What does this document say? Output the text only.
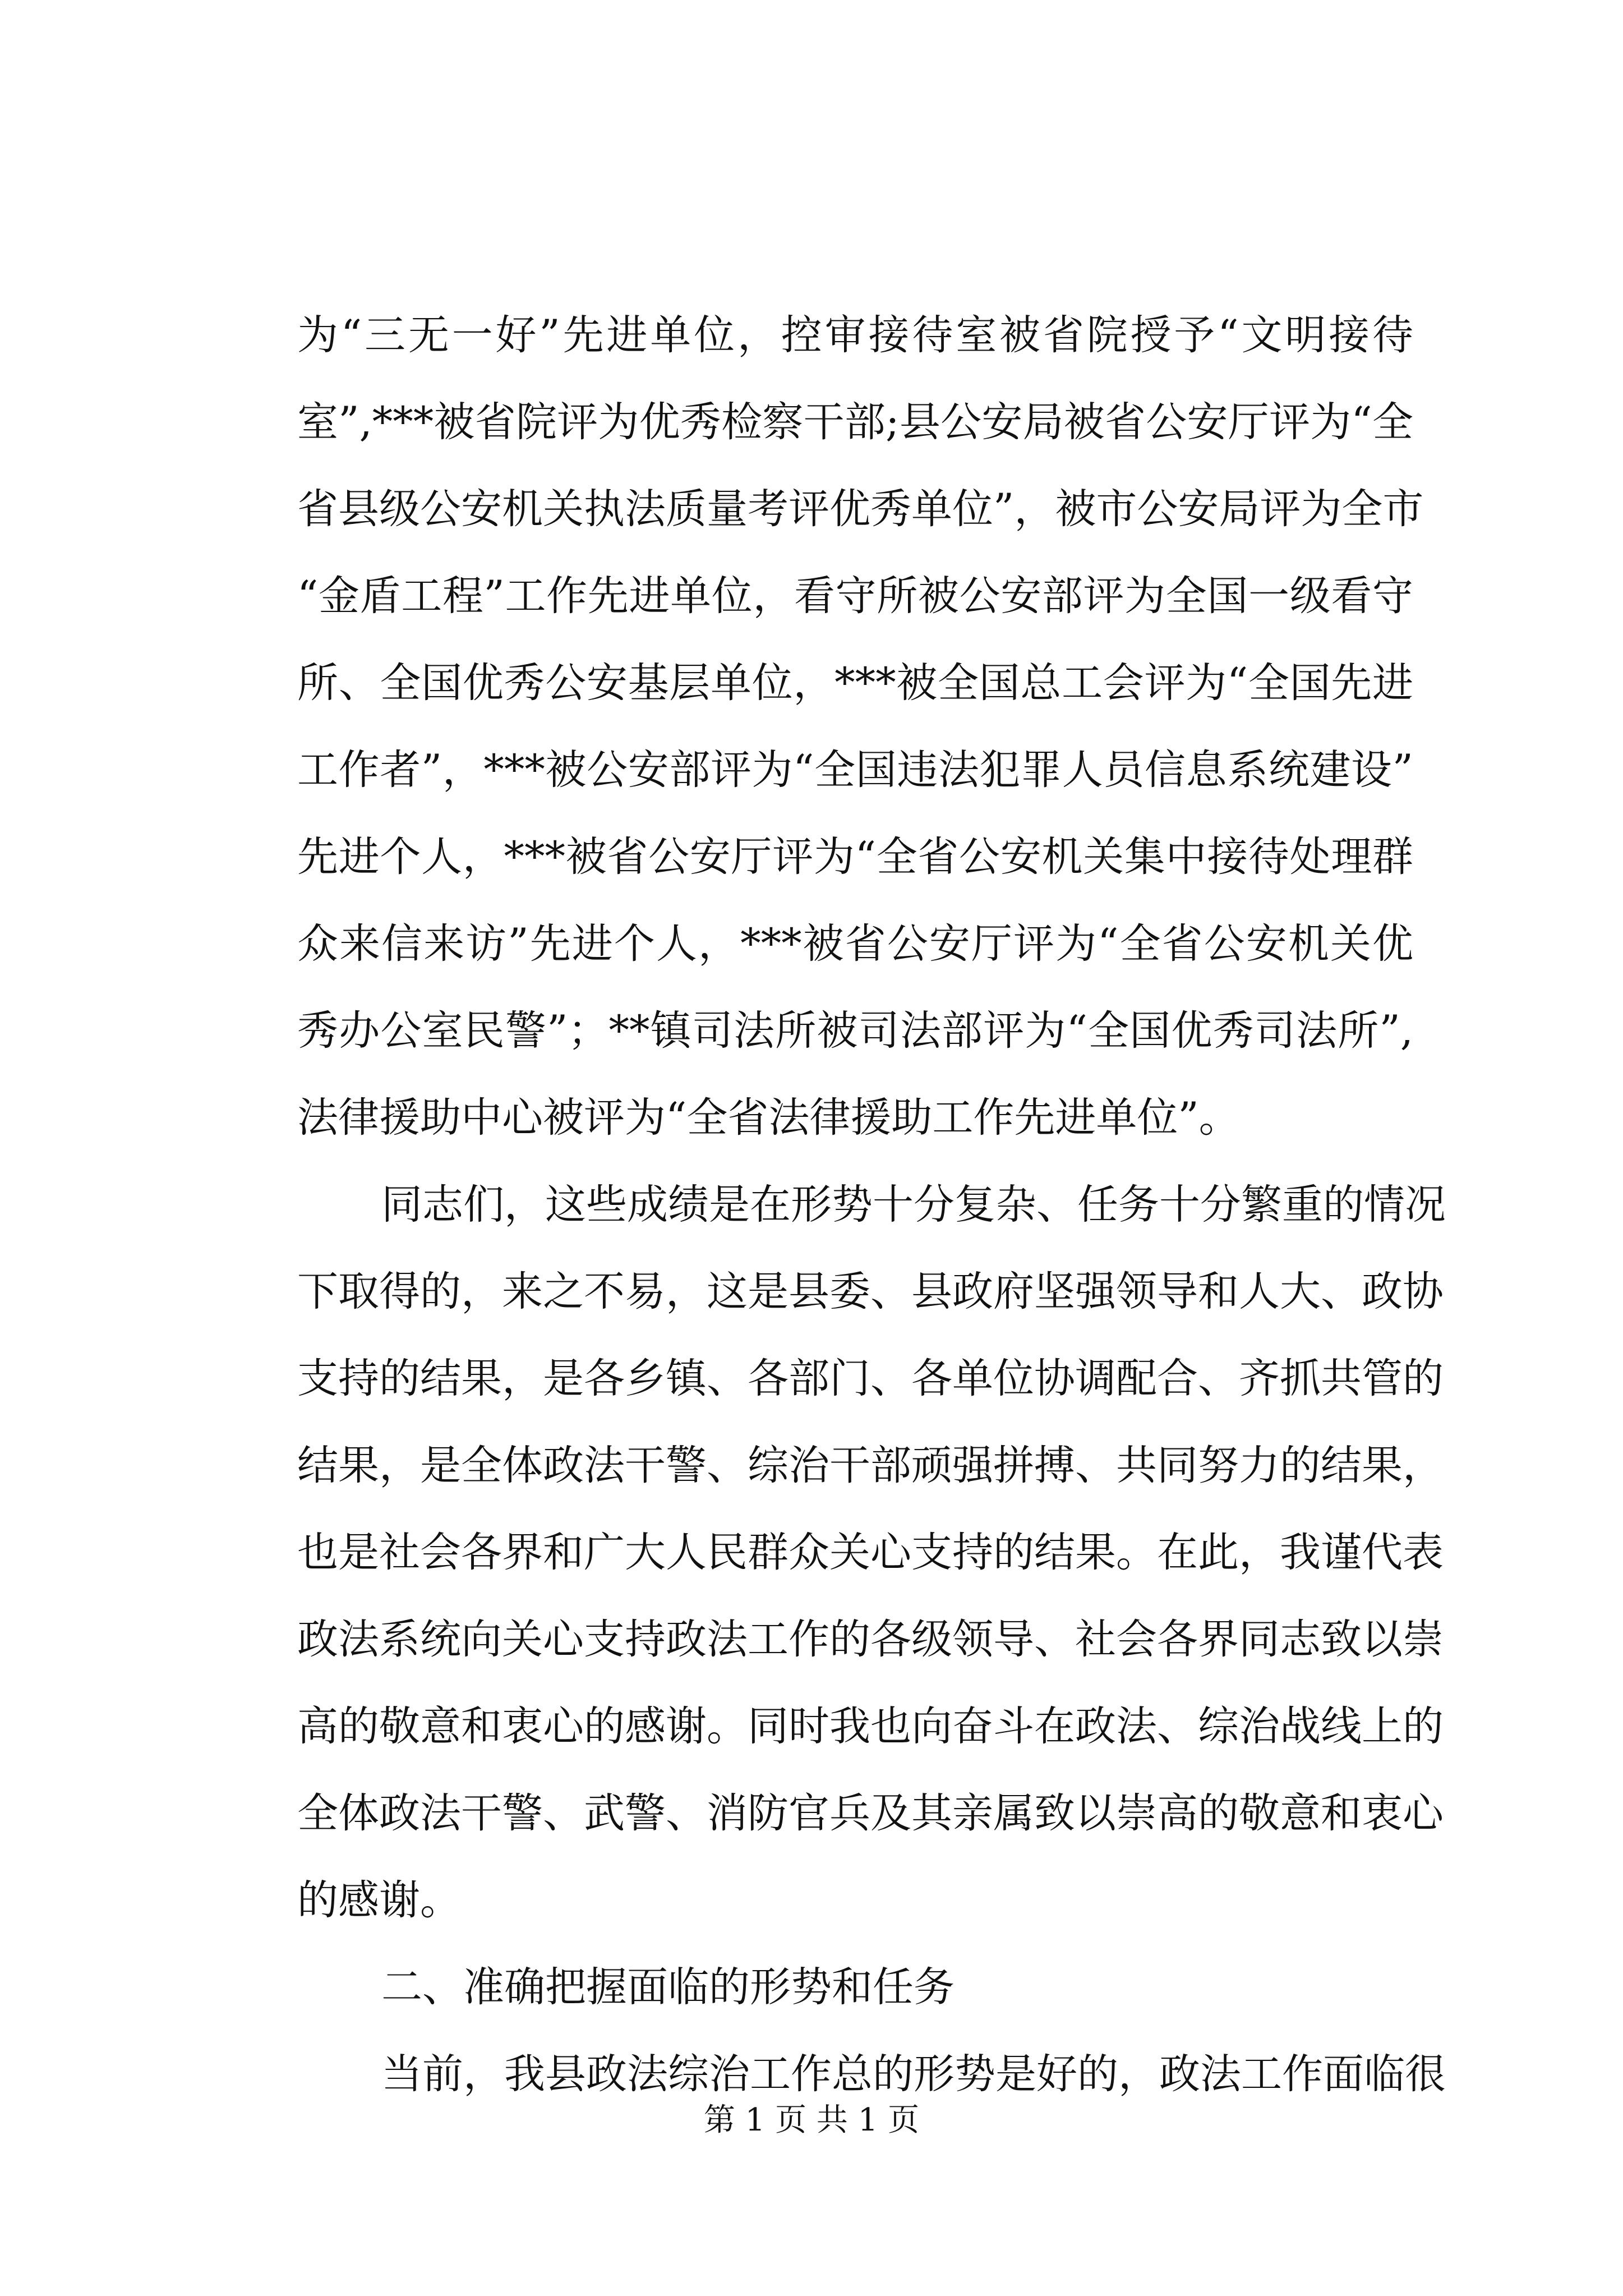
为“三无一好”先进单位，控审接待室被省院授予“文明接待
室”,***被省院评为优秀检察干部;县公安局被省公安厅评为“全
省县级公安机关执法质量考评优秀单位”，被市公安局评为全市
“金盾工程”工作先进单位，看守所被公安部评为全国一级看守
所、全国优秀公安基层单位，***被全国总工会评为“全国先进
工作者”，***被公安部评为“全国违法犯罪人员信息系统建设”
先进个人，***被省公安厅评为“全省公安机关集中接待处理群
众来信来访”先进个人，***被省公安厅评为“全省公安机关优
秀办公室民警”；**镇司法所被司法部评为“全国优秀司法所”,
法律援助中心被评为“全省法律援助工作先进单位”。
同志们，这些成绩是在形势十分复杂、任务十分繁重的情况
下取得的，来之不易，这是县委、县政府坚强领导和人大、政协
支持的结果，是各乡镇、各部门、各单位协调配合、齐抓共管的
结果，是全体政法干警、综治干部顽强拼搏、共同努力的结果，
也是社会各界和广大人民群众关心支持的结果。在此，我谨代表
政法系统向关心支持政法工作的各级领导、社会各界同志致以崇
高的敬意和衷心的感谢。同时我也向奋斗在政法、综治战线上的
全体政法干警、武警、消防官兵及其亲属致以崇高的敬意和衷心
的感谢。
二、准确把握面临的形势和任务
当前，我县政法综治工作总的形势是好的，政法工作面临很
第 1 页 共 1 页
